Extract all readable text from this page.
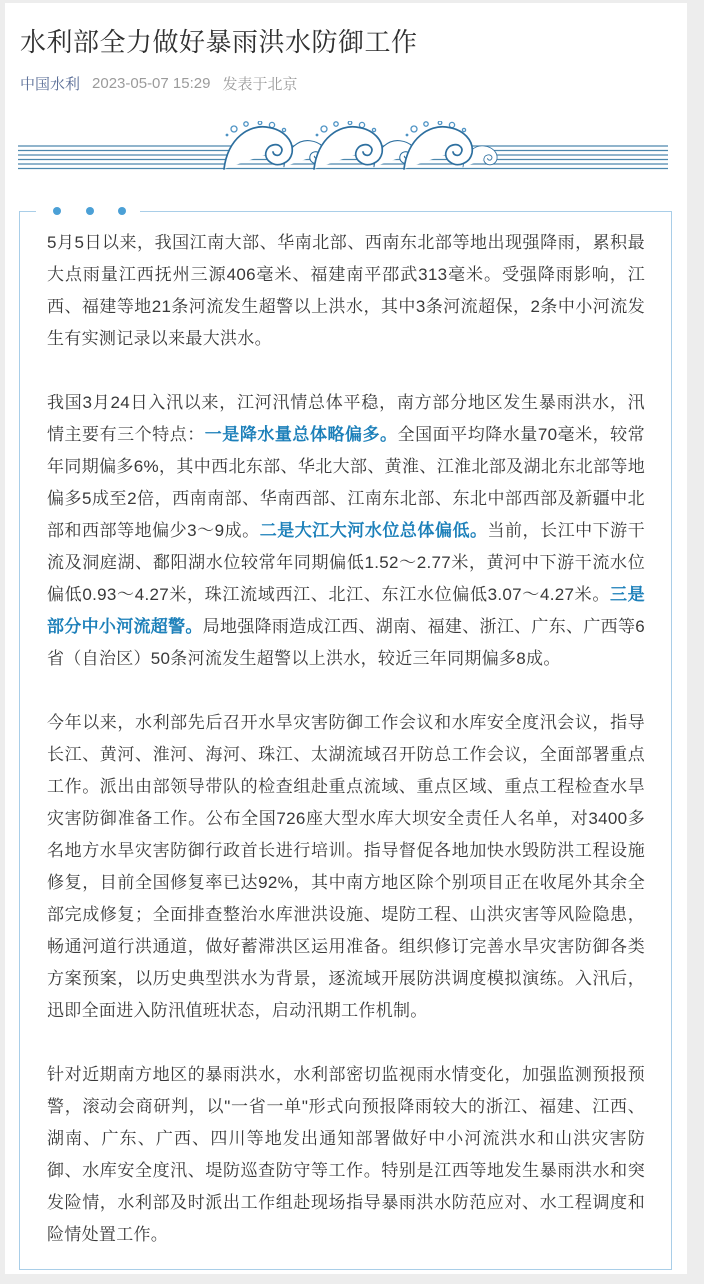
水利部全力做好暴雨洪水防御工作
中国水利 2023-05-07 15:29 发表于北京

5月5日以来，我国江南大部、华南北部、西南东北部等地出现强降雨，累积最大点雨量江西抚州三源406毫米、福建南平邵武313毫米。受强降雨影响，江西、福建等地21条河流发生超警以上洪水，其中3条河流超保，2条中小河流发生有实测记录以来最大洪水。

我国3月24日入汛以来，江河汛情总体平稳，南方部分地区发生暴雨洪水，汛情主要有三个特点：一是降水量总体略偏多。全国面平均降水量70毫米，较常年同期偏多6%，其中西北东部、华北大部、黄淮、江淮北部及湖北东北部等地偏多5成至2倍，西南南部、华南西部、江南东北部、东北中部西部及新疆中北部和西部等地偏少3～9成。二是大江大河水位总体偏低。当前，长江中下游干流及洞庭湖、鄱阳湖水位较常年同期偏低1.52～2.77米，黄河中下游干流水位偏低0.93～4.27米，珠江流域西江、北江、东江水位偏低3.07～4.27米。三是部分中小河流超警。局地强降雨造成江西、湖南、福建、浙江、广东、广西等6省（自治区）50条河流发生超警以上洪水，较近三年同期偏多8成。

今年以来，水利部先后召开水旱灾害防御工作会议和水库安全度汛会议，指导长江、黄河、淮河、海河、珠江、太湖流域召开防总工作会议，全面部署重点工作。派出由部领导带队的检查组赴重点流域、重点区域、重点工程检查水旱灾害防御准备工作。公布全国726座大型水库大坝安全责任人名单，对3400多名地方水旱灾害防御行政首长进行培训。指导督促各地加快水毁防洪工程设施修复，目前全国修复率已达92%，其中南方地区除个别项目正在收尾外其余全部完成修复；全面排查整治水库泄洪设施、堤防工程、山洪灾害等风险隐患，畅通河道行洪通道，做好蓄滞洪区运用准备。组织修订完善水旱灾害防御各类方案预案，以历史典型洪水为背景，逐流域开展防洪调度模拟演练。入汛后，迅即全面进入防汛值班状态，启动汛期工作机制。

针对近期南方地区的暴雨洪水，水利部密切监视雨水情变化，加强监测预报预警，滚动会商研判，以"一省一单"形式向预报降雨较大的浙江、福建、江西、湖南、广东、广西、四川等地发出通知部署做好中小河流洪水和山洪灾害防御、水库安全度汛、堤防巡查防守等工作。特别是江西等地发生暴雨洪水和突发险情，水利部及时派出工作组赴现场指导暴雨洪水防范应对、水工程调度和险情处置工作。
